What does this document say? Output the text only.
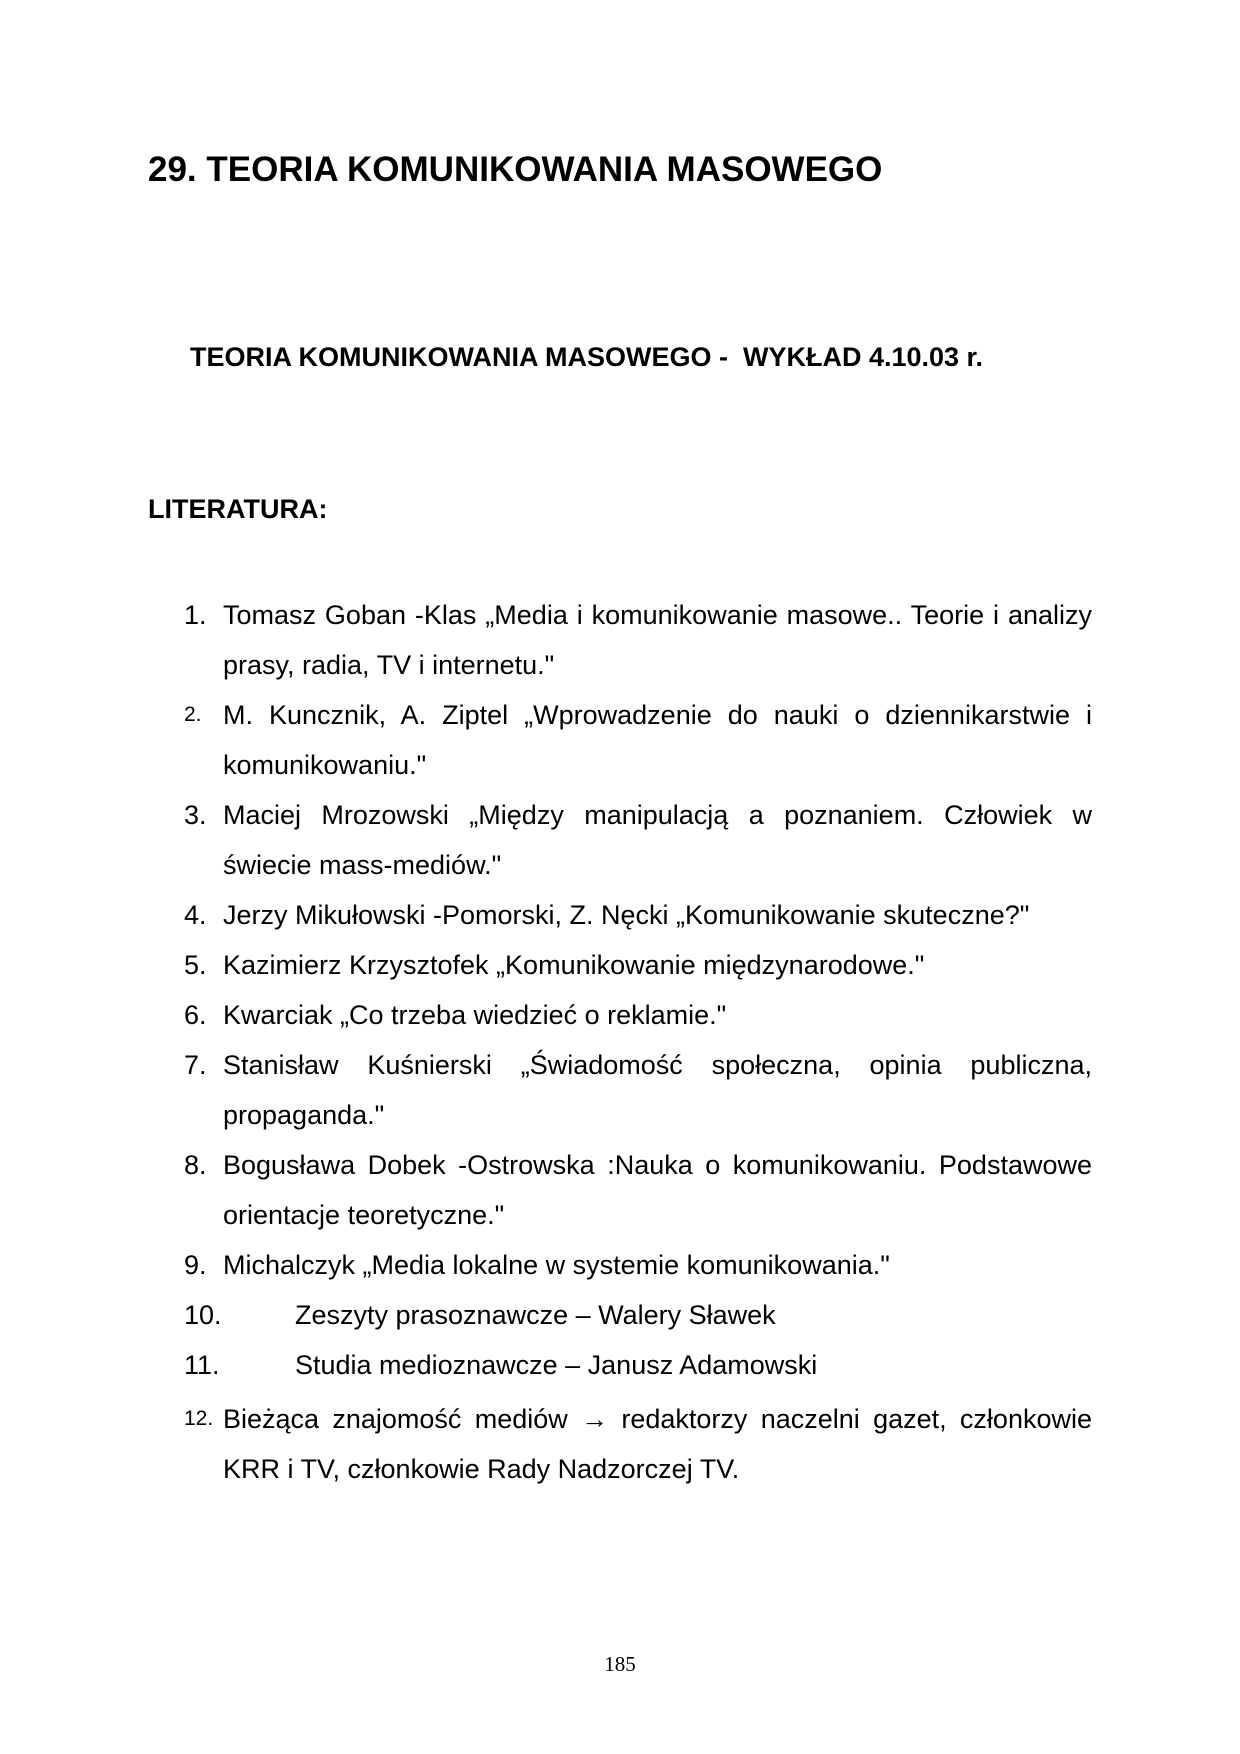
29. TEORIA KOMUNIKOWANIA MASOWEGO
TEORIA KOMUNIKOWANIA MASOWEGO -  WYKŁAD 4.10.03 r.
LITERATURA:
1. Tomasz Goban -Klas „Media i komunikowanie masowe.. Teorie i analizy prasy, radia, TV i internetu."
2. M. Kuncznik, A. Ziptel „Wprowadzenie do nauki o dziennikarstwie i komunikowaniu."
3. Maciej Mrozowski „Między manipulacją a poznaniem. Człowiek w świecie mass-mediów."
4. Jerzy Mikułowski -Pomorski, Z. Nęcki „Komunikowanie skuteczne?"
5. Kazimierz Krzysztofek „Komunikowanie międzynarodowe."
6. Kwarciak „Co trzeba wiedzieć o reklamie."
7. Stanisław Kuśnierski „Świadomość społeczna, opinia publiczna, propaganda."
8. Bogusława Dobek -Ostrowska :Nauka o komunikowaniu. Podstawowe orientacje teoretyczne."
9. Michalczyk „Media lokalne w systemie komunikowania."
10.	Zeszyty prasoznawcze – Walery Sławek
11.	Studia medioznawcze – Janusz Adamowski
12. Bieżąca znajomość mediów → redaktorzy naczelni gazet, członkowie KRR i TV, członkowie Rady Nadzorczej TV.
185
